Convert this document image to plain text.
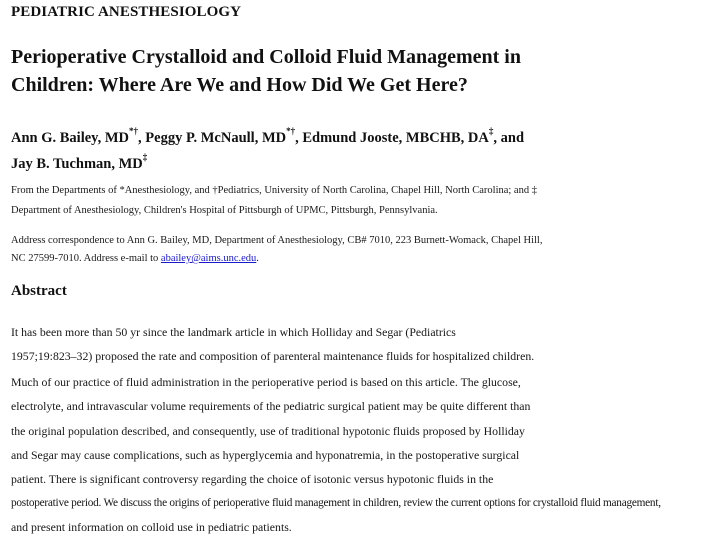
PEDIATRIC ANESTHESIOLOGY
Perioperative Crystalloid and Colloid Fluid Management in
Children: Where Are We and How Did We Get Here?
Ann G. Bailey, MD*†, Peggy P. McNaull, MD*†, Edmund Jooste, MBCHB, DA‡, and
Jay B. Tuchman, MD‡
From the Departments of *Anesthesiology, and †Pediatrics, University of North Carolina, Chapel Hill, North Carolina; and ‡
Department of Anesthesiology, Children's Hospital of Pittsburgh of UPMC, Pittsburgh, Pennsylvania.
Address correspondence to Ann G. Bailey, MD, Department of Anesthesiology, CB# 7010, 223 Burnett-Womack, Chapel Hill,
NC 27599-7010. Address e-mail to abailey@aims.unc.edu.
Abstract
It has been more than 50 yr since the landmark article in which Holliday and Segar (Pediatrics
1957;19:823–32) proposed the rate and composition of parenteral maintenance fluids for hospitalized children.
Much of our practice of fluid administration in the perioperative period is based on this article. The glucose,
electrolyte, and intravascular volume requirements of the pediatric surgical patient may be quite different than
the original population described, and consequently, use of traditional hypotonic fluids proposed by Holliday
and Segar may cause complications, such as hyperglycemia and hyponatremia, in the postoperative surgical
patient. There is significant controversy regarding the choice of isotonic versus hypotonic fluids in the
postoperative period. We discuss the origins of perioperative fluid management in children, review the current options for crystalloid fluid management,
and present information on colloid use in pediatric patients.
